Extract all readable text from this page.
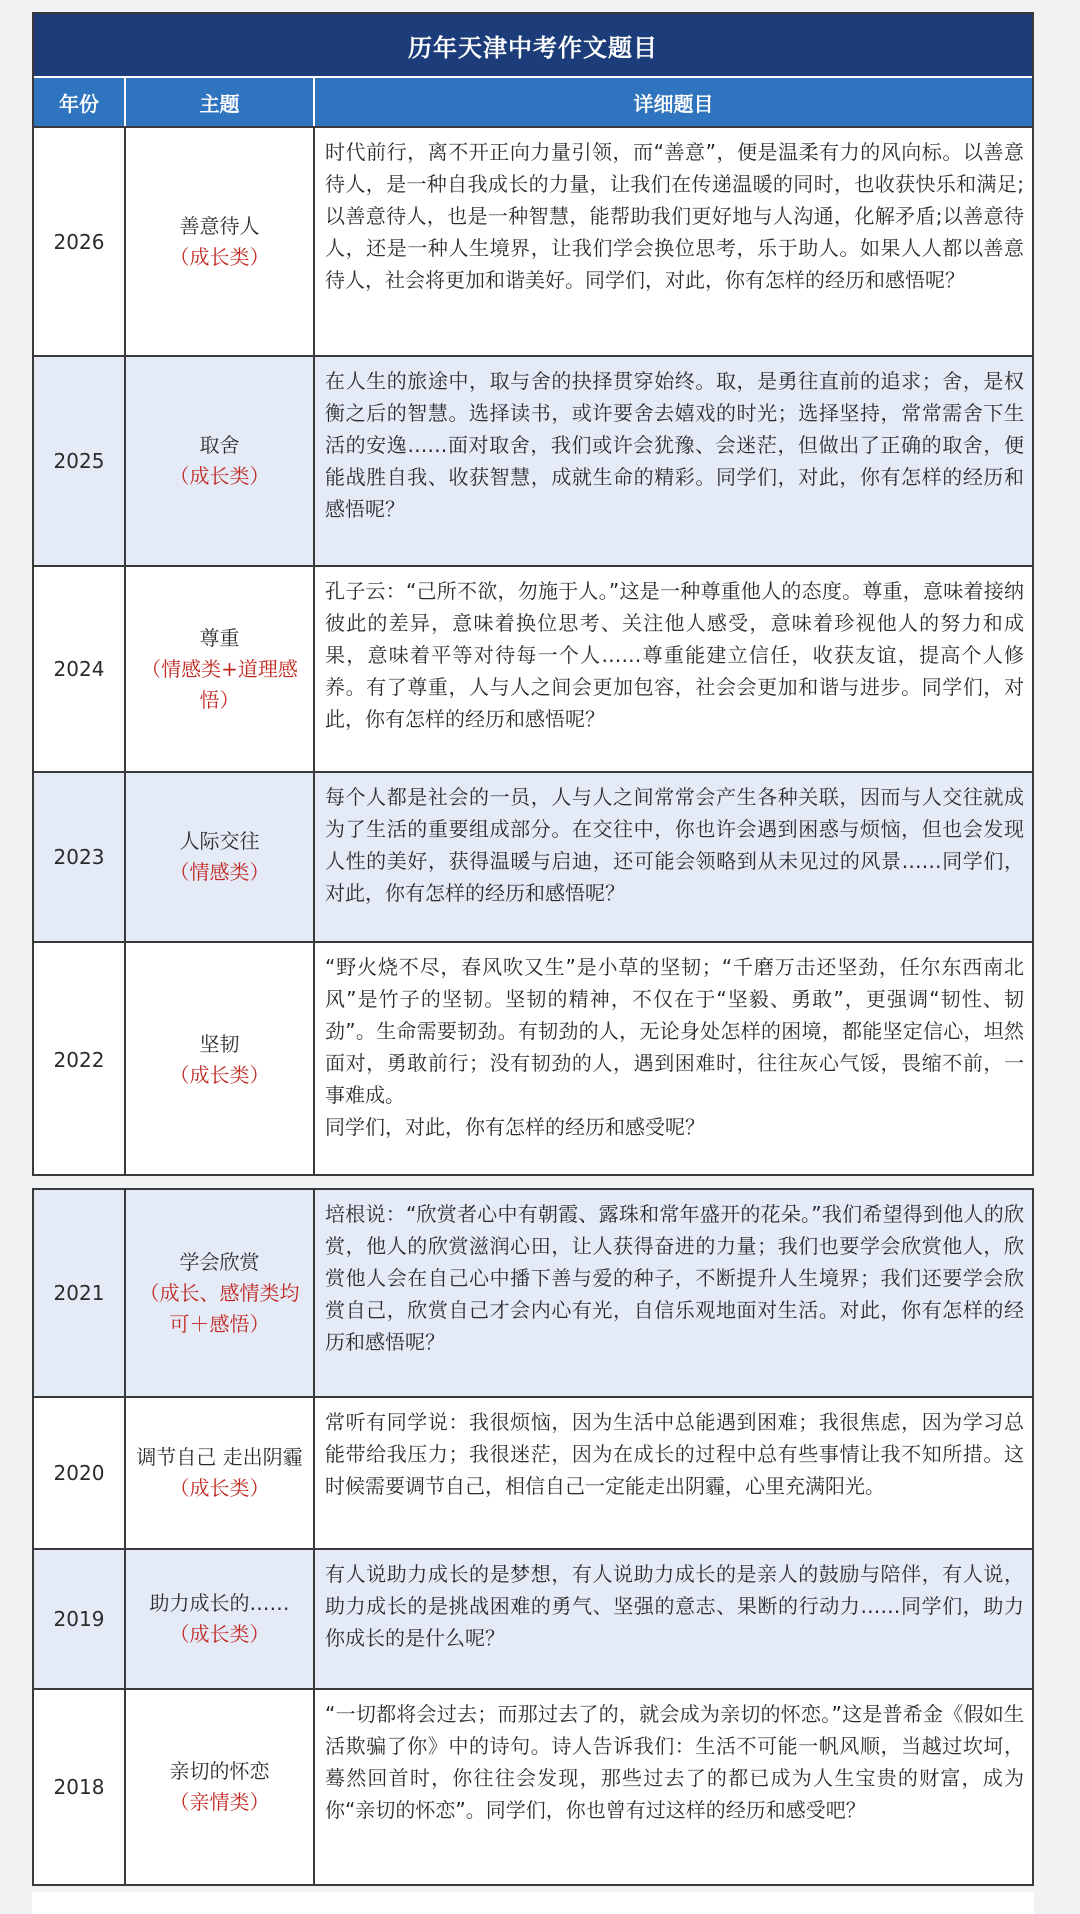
历年天津中考作文题目
年份	主题	详细题目
2026
善意待人
（成长类）
时代前行，离不开正向力量引领，而“善意”，便是温柔有力的风向标。以善意待人，是一种自我成长的力量，让我们在传递温暖的同时，也收获快乐和满足;以善意待人，也是一种智慧，能帮助我们更好地与人沟通，化解矛盾;以善意待人，还是一种人生境界，让我们学会换位思考，乐于助人。如果人人都以善意待人，社会将更加和谐美好。同学们，对此，你有怎样的经历和感悟呢？
2025
取舍
（成长类）
在人生的旅途中，取与舍的抉择贯穿始终。取，是勇往直前的追求；舍，是权衡之后的智慧。选择读书，或许要舍去嬉戏的时光；选择坚持，常常需舍下生活的安逸……面对取舍，我们或许会犹豫、会迷茫，但做出了正确的取舍，便能战胜自我、收获智慧，成就生命的精彩。同学们，对此，你有怎样的经历和感悟呢？
2024
尊重
（情感类+道理感悟）
孔子云：“己所不欲，勿施于人。”这是一种尊重他人的态度。尊重，意味着接纳彼此的差异，意味着换位思考、关注他人感受，意味着珍视他人的努力和成果，意味着平等对待每一个人……尊重能建立信任，收获友谊，提高个人修养。有了尊重，人与人之间会更加包容，社会会更加和谐与进步。同学们，对此，你有怎样的经历和感悟呢？
2023
人际交往
（情感类）
每个人都是社会的一员，人与人之间常常会产生各种关联，因而与人交往就成为了生活的重要组成部分。在交往中，你也许会遇到困惑与烦恼，但也会发现人性的美好，获得温暖与启迪，还可能会领略到从未见过的风景……同学们，对此，你有怎样的经历和感悟呢？
2022
坚韧
（成长类）
“野火烧不尽，春风吹又生”是小草的坚韧；“千磨万击还坚劲，任尔东西南北风”是竹子的坚韧。坚韧的精神，不仅在于“坚毅、勇敢”，更强调“韧性、韧劲”。生命需要韧劲。有韧劲的人，无论身处怎样的困境，都能坚定信心，坦然面对，勇敢前行；没有韧劲的人，遇到困难时，往往灰心气馁，畏缩不前，一事难成。
同学们，对此，你有怎样的经历和感受呢？
2021
学会欣赏
（成长、感情类均可＋感悟）
培根说：“欣赏者心中有朝霞、露珠和常年盛开的花朵。”我们希望得到他人的欣赏，他人的欣赏滋润心田，让人获得奋进的力量；我们也要学会欣赏他人，欣赏他人会在自己心中播下善与爱的种子，不断提升人生境界；我们还要学会欣赏自己，欣赏自己才会内心有光，自信乐观地面对生活。对此，你有怎样的经历和感悟呢？
2020
调节自己 走出阴霾
（成长类）
常听有同学说：我很烦恼，因为生活中总能遇到困难；我很焦虑，因为学习总能带给我压力；我很迷茫，因为在成长的过程中总有些事情让我不知所措。这时候需要调节自己，相信自己一定能走出阴霾，心里充满阳光。
2019
助力成长的……
（成长类）
有人说助力成长的是梦想，有人说助力成长的是亲人的鼓励与陪伴，有人说，助力成长的是挑战困难的勇气、坚强的意志、果断的行动力……同学们，助力你成长的是什么呢？
2018
亲切的怀恋
（亲情类）
“一切都将会过去；而那过去了的，就会成为亲切的怀恋。”这是普希金《假如生活欺骗了你》中的诗句。诗人告诉我们：生活不可能一帆风顺，当越过坎坷，蓦然回首时，你往往会发现，那些过去了的都已成为人生宝贵的财富，成为你“亲切的怀恋”。同学们，你也曾有过这样的经历和感受吧？
